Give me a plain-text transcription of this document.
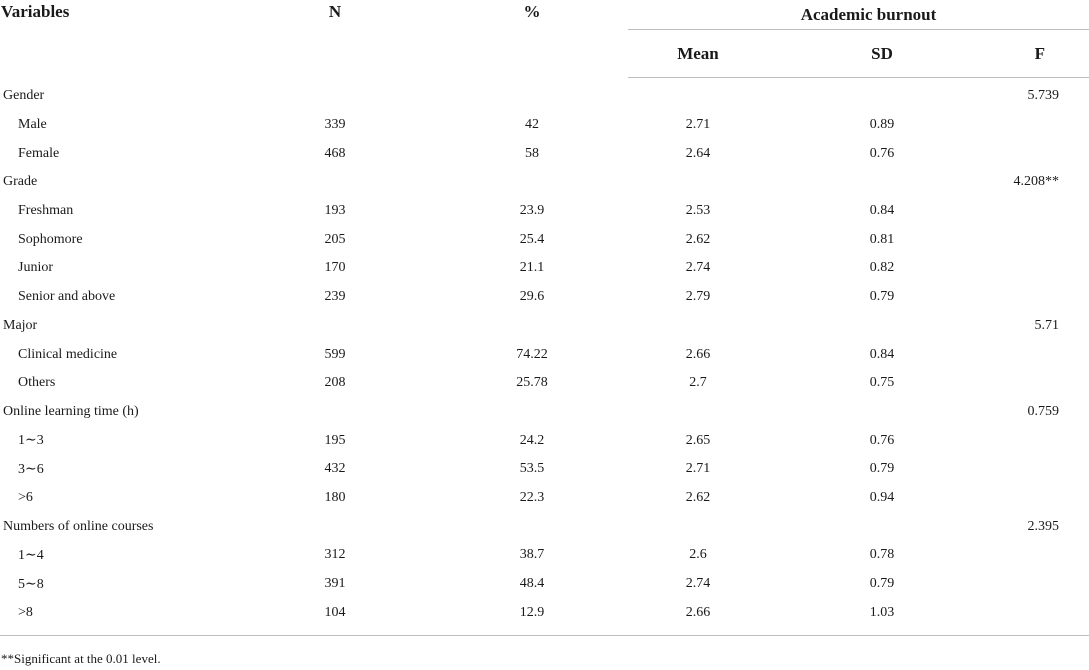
Variables	N	%	Academic burnout		
			Mean	SD	F
Gender					5.739
Male	339	42	2.71	0.89	
Female	468	58	2.64	0.76	
Grade					4.208**
Freshman	193	23.9	2.53	0.84	
Sophomore	205	25.4	2.62	0.81	
Junior	170	21.1	2.74	0.82	
Senior and above	239	29.6	2.79	0.79	
Major					5.71
Clinical medicine	599	74.22	2.66	0.84	
Others	208	25.78	2.7	0.75	
Online learning time (h)					0.759
1∼3	195	24.2	2.65	0.76	
3∼6	432	53.5	2.71	0.79	
>6	180	22.3	2.62	0.94	
Numbers of online courses					2.395
1∼4	312	38.7	2.6	0.78	
5∼8	391	48.4	2.74	0.79	
>8	104	12.9	2.66	1.03	
**Significant at the 0.01 level.
